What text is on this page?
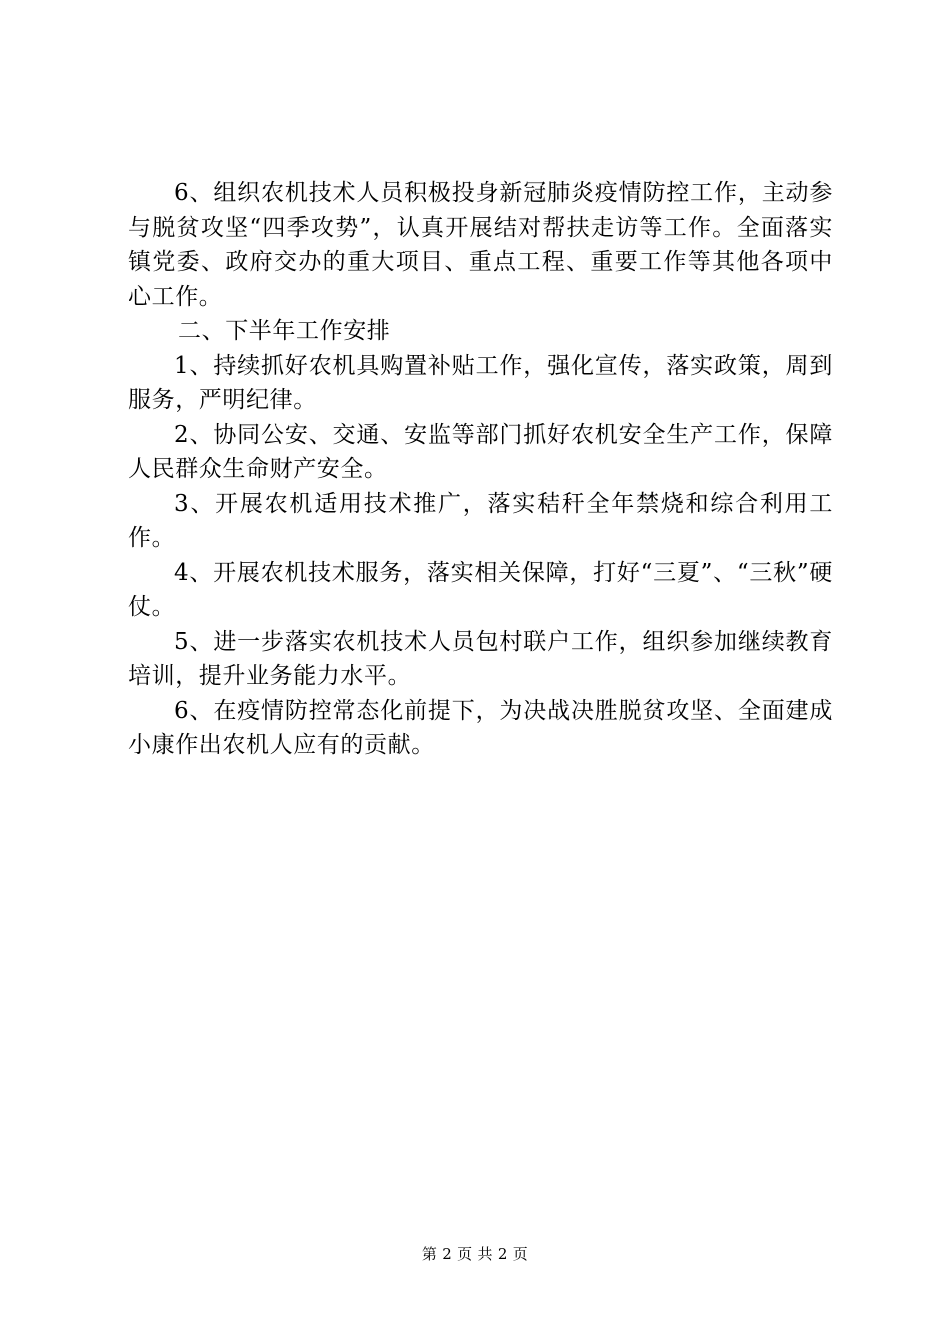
6、组织农机技术人员积极投身新冠肺炎疫情防控工作，主动参与脱贫攻坚“四季攻势”，认真开展结对帮扶走访等工作。全面落实镇党委、政府交办的重大项目、重点工程、重要工作等其他各项中心工作。

二、下半年工作安排

1、持续抓好农机具购置补贴工作，强化宣传，落实政策，周到服务，严明纪律。

2、协同公安、交通、安监等部门抓好农机安全生产工作，保障人民群众生命财产安全。

3、开展农机适用技术推广，落实秸秆全年禁烧和综合利用工作。

4、开展农机技术服务，落实相关保障，打好“三夏”、“三秋”硬仗。

5、进一步落实农机技术人员包村联户工作，组织参加继续教育培训，提升业务能力水平。

6、在疫情防控常态化前提下，为决战决胜脱贫攻坚、全面建成小康作出农机人应有的贡献。

第 2 页 共 2 页
